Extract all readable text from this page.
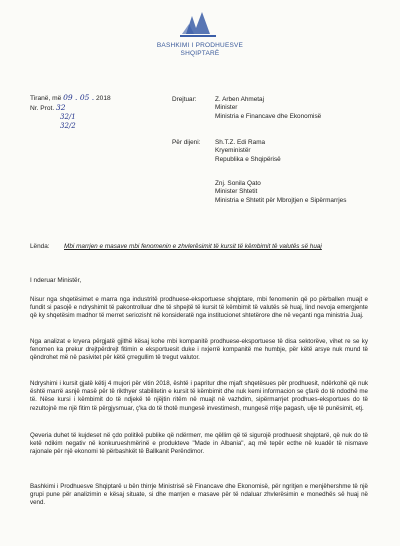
BASHKIMI I PRODHUESVE
SHQIPTARË
Tiranë, më 09 . 05 . 2018
Nr. Prot. 32
32/1
32/2
Drejtuar:	Z. Arben Ahmetaj
Minister
Ministria e Financave dhe Ekonomisë
Për dijeni: Sh.T.Z. Edi Rama
Kryeministër
Republika e Shqipërisë
Znj. Sonila Qato
Minister Shtetit
Ministria e Shtetit për Mbrojtjen e Sipërmarrjes
Lënda:	Mbi marrjen e masave mbi fenomenin e zhvlerësimit të kursit të këmbimit të valutës së huaj
I nderuar Ministër,
Nisur nga shqetësimet e marra nga industritë prodhuese-eksportuese shqiptare, mbi fenomenin që po përballen muajt e fundit si pasojë e ndryshimit të pakontrolluar dhe të shpejtë të kursit të këmbimit të valutës së huaj, lind nevoja emergjente që ky shqetësim madhor të merret seriozisht në konsideratë nga institucionet shtetërore dhe në veçanti nga ministria Juaj.
Nga analizat e kryera përgjatë gjithë kësaj kohe mbi kompanitë prodhuese-eksportuese të disa sektorëve, vihet re se ky fenomen ka prekur drejtpërdrejt fitimin e eksportuesit duke i nxjerrë kompanitë me humbje, për këtë arsye nuk mund të qëndrohet më në pasivitet për këtë çrregullim të tregut valutor.
Ndryshimi i kursit gjatë këtij 4 mujori për vitin 2018, është i papritur dhe mjaft shqetësues për prodhuesit, ndërkohë që nuk është marrë asnjë masë për të rikthyer stabilitetin e kursit të këmbimit dhe nuk kemi informacion se çfarë do të ndodhë me të. Nëse kursi i këmbimit do të ndjekë të njëjtin ritëm në muajt në vazhdim, sipërmarrjet prodhues-eksportues do të rezultojnë me një fitim të përgjysmuar, ç'ka do të thotë mungesë investimesh, mungesë rritje pagash, ulje të punësimit, etj.
Qeveria duhet të kujdeset në çdo politikë publike që ndërmerr, me qëllim që të sigurojë prodhuesit shqiptarë, që nuk do të ketë ndikim negativ në konkurueshmërinë e produkteve "Made in Albania", aq më tepër ecthe në kuadër të nismave rajonale për një ekonomi të përbashkët të Ballkanit Perëndimor.
Bashkimi i Prodhuesve Shqiptarë u bën thirrje Ministrisë së Financave dhe Ekonomisë, për ngritjen e menjëhershme të një grupi pune për analizimin e kësaj situate, si dhe marrjen e masave për të ndaluar zhvlerësimin e monedhës së huaj në vend.
